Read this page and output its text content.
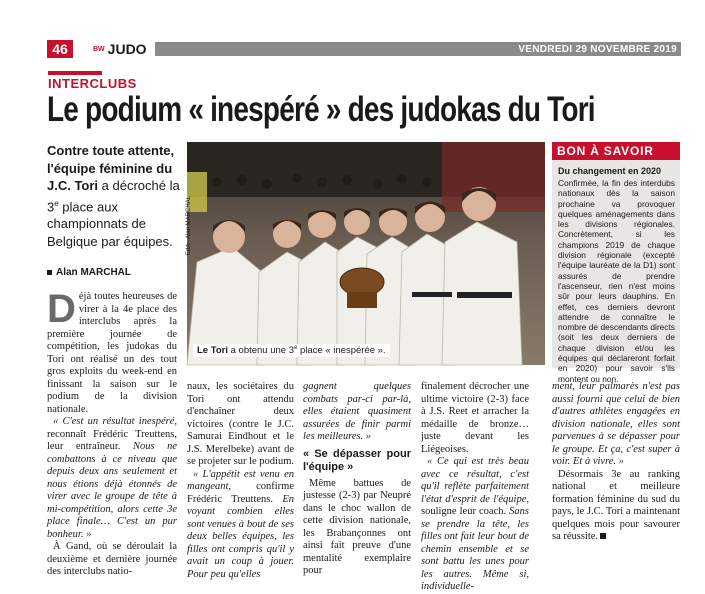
46	BW JUDO	VENDREDI 29 NOVEMBRE 2019
INTERCLUBS
Le podium « inespéré » des judokas du Tori
Contre toute attente, l'équipe féminine du J.C. Tori a décroché la 3e place aux championnats de Belgique par équipes.
Alan MARCHAL
EdA - Alan MARCHAL
Le Tori a obtenu une 3e place « inespérée ».
BON À SAVOIR
Du changement en 2020
Confirmée, la fin des interdubs nationaux dès la saison prochaine va provoquer quelques aménagements dans les divisions régionales. Concrètement, si les champions 2019 de chaque division régionale (excepté l'équipe lauréate de la D1) sont assurés de prendre l'ascenseur, rien n'est moins sûr pour leurs dauphins. En effet, ces derniers devront attendre de connaître le nombre de descendants directs (soit les deux derniers de chaque division et/ou les équipes qui déclareront forfait en 2020) pour savoir s'ils montent ou non.
D éjà toutes heureuses de virer à la 4e place des interclubs après la première journée de compétition, les judokas du Tori ont réalisé un des tout gros exploits du week-end en finissant la saison sur le podium de la division nationale.

« C'est un résultat inespéré, reconnaît Frédéric Treuttens, leur entraîneur. Nous ne combattons à ce niveau que depuis deux ans seulement et nous étions déjà étonnés de virer avec le groupe de tête à mi-compétition, alors cette 3e place finale… C'est un pur bonheur. »

À Gand, où se déroulait la deuxième et dernière journée des interclubs natio-

naux, les sociétaires du Tori ont attendu d'enchaîner deux victoires (contre le J.C. Samurai Eindhout et le J.S. Merelbeke) avant de se projeter sur le podium.

« L'appétit est venu en mangeant, confirme Frédéric Treuttens. En voyant combien elles sont venues à bout de ses deux belles équipes, les filles ont compris qu'il y avait un coup à jouer. Pour peu qu'elles

gagnent quelques combats par-ci par-là, elles étaient quasiment assurées de finir parmi les meilleures. »

« Se dépasser pour l'équipe »

Même battues de justesse (2-3) par Neupré dans le choc wallon de cette division nationale, les Brabançonnes ont ainsi fait preuve d'une mentalité exemplaire pour

finalement décrocher une ultime victoire (2-3) face à J.S. Reet et arracher la médaille de bronze… juste devant les Liégeoises.

« Ce qui est très beau avec ce résultat, c'est qu'il reflète parfaitement l'état d'esprit de l'équipe, souligne leur coach. Sans se prendre la tête, les filles ont fait leur bout de chemin ensemble et se sont battu les unes pour les autres. Même si, individuelle-

ment, leur palmarès n'est pas aussi fourni que celui de bien d'autres athlètes engagées en division nationale, elles sont parvenues à se dépasser pour le groupe. Et ça, c'est super à voir. Et à vivre. »

Désormais 3e au ranking national et meilleure formation féminine du sud du pays, le J.C. Tori a maintenant quelques mois pour savourer sa réussite.
